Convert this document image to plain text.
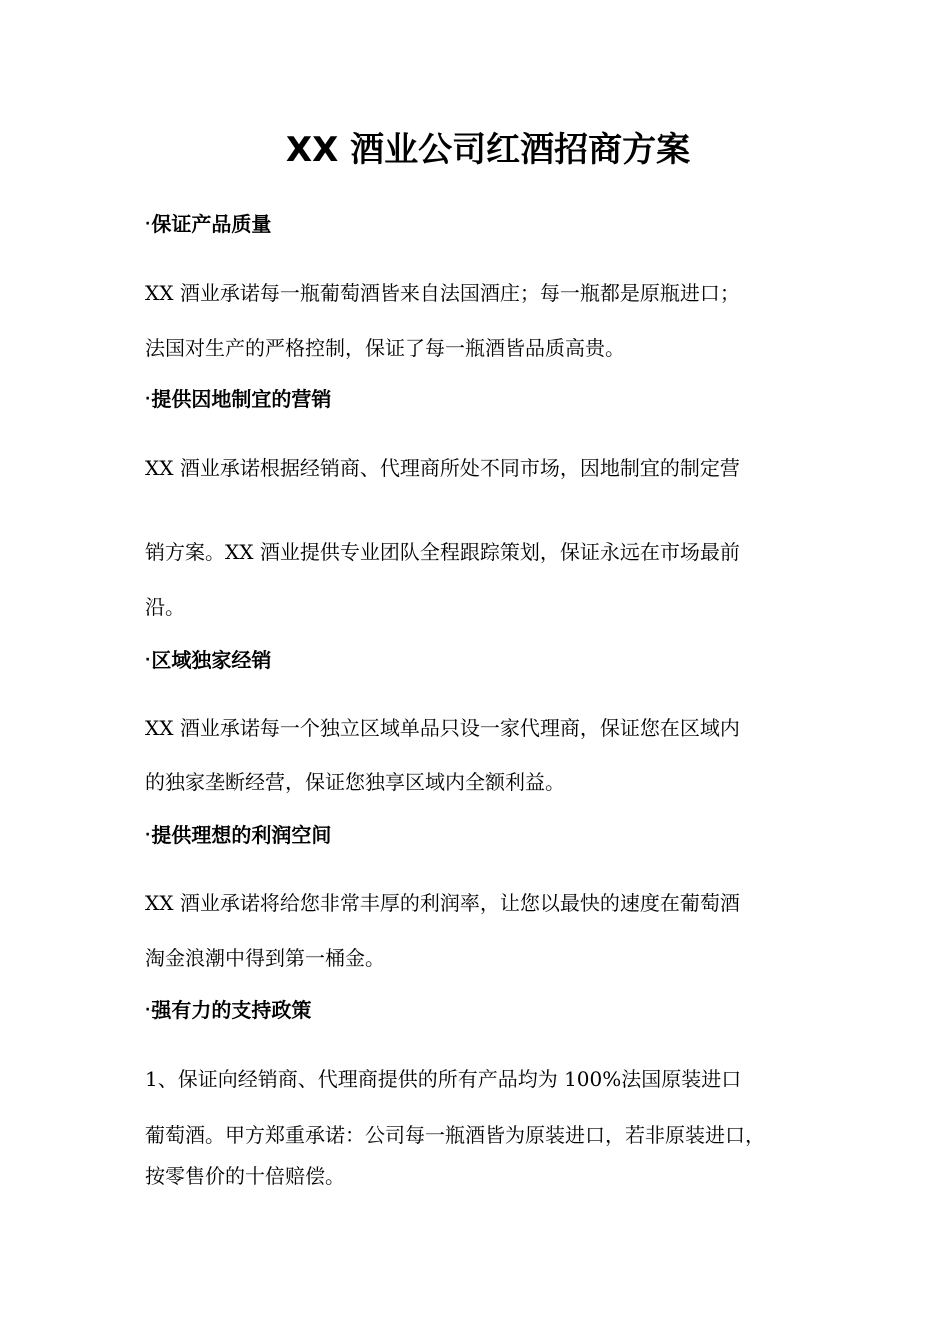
XX 酒业公司红酒招商方案
·保证产品质量
XX 酒业承诺每一瓶葡萄酒皆来自法国酒庄；每一瓶都是原瓶进口；
法国对生产的严格控制，保证了每一瓶酒皆品质高贵。
·提供因地制宜的营销
XX 酒业承诺根据经销商、代理商所处不同市场，因地制宜的制定营
销方案。XX 酒业提供专业团队全程跟踪策划，保证永远在市场最前
沿。
·区域独家经销
XX 酒业承诺每一个独立区域单品只设一家代理商，保证您在区域内
的独家垄断经营，保证您独享区域内全额利益。
·提供理想的利润空间
XX 酒业承诺将给您非常丰厚的利润率，让您以最快的速度在葡萄酒
淘金浪潮中得到第一桶金。
·强有力的支持政策
1、保证向经销商、代理商提供的所有产品均为 100%法国原装进口
葡萄酒。甲方郑重承诺：公司每一瓶酒皆为原装进口，若非原装进口，
按零售价的十倍赔偿。
